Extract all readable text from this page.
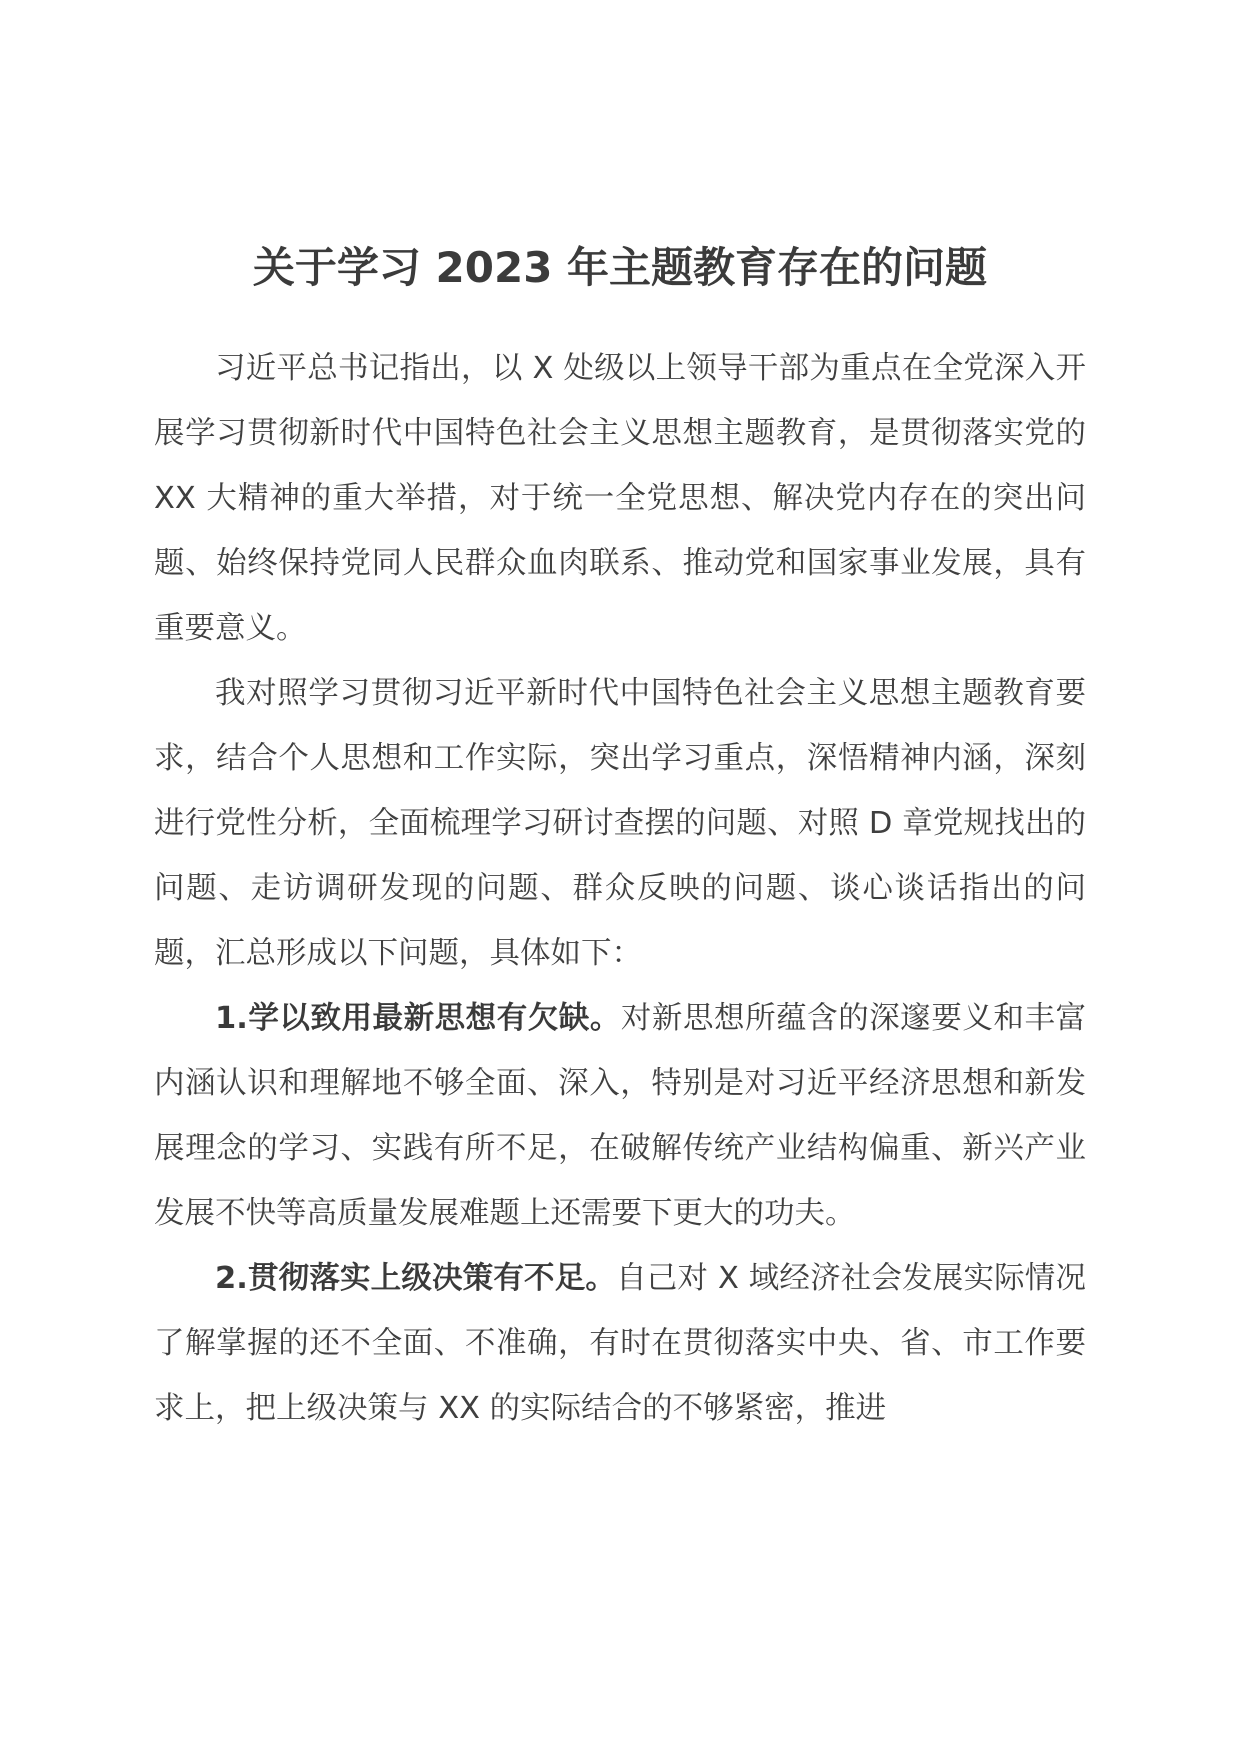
关于学习 2023 年主题教育存在的问题

习近平总书记指出，以 X 处级以上领导干部为重点在全党深入开展学习贯彻新时代中国特色社会主义思想主题教育，是贯彻落实党的 XX 大精神的重大举措，对于统一全党思想、解决党内存在的突出问题、始终保持党同人民群众血肉联系、推动党和国家事业发展，具有重要意义。

我对照学习贯彻习近平新时代中国特色社会主义思想主题教育要求，结合个人思想和工作实际，突出学习重点，深悟精神内涵，深刻进行党性分析，全面梳理学习研讨查摆的问题、对照 D 章党规找出的问题、走访调研发现的问题、群众反映的问题、谈心谈话指出的问题，汇总形成以下问题，具体如下：

1.学以致用最新思想有欠缺。对新思想所蕴含的深邃要义和丰富内涵认识和理解地不够全面、深入，特别是对习近平经济思想和新发展理念的学习、实践有所不足，在破解传统产业结构偏重、新兴产业发展不快等高质量发展难题上还需要下更大的功夫。

2.贯彻落实上级决策有不足。自己对 X 域经济社会发展实际情况了解掌握的还不全面、不准确，有时在贯彻落实中央、省、市工作要求上，把上级决策与 XX 的实际结合的不够紧密，推进
